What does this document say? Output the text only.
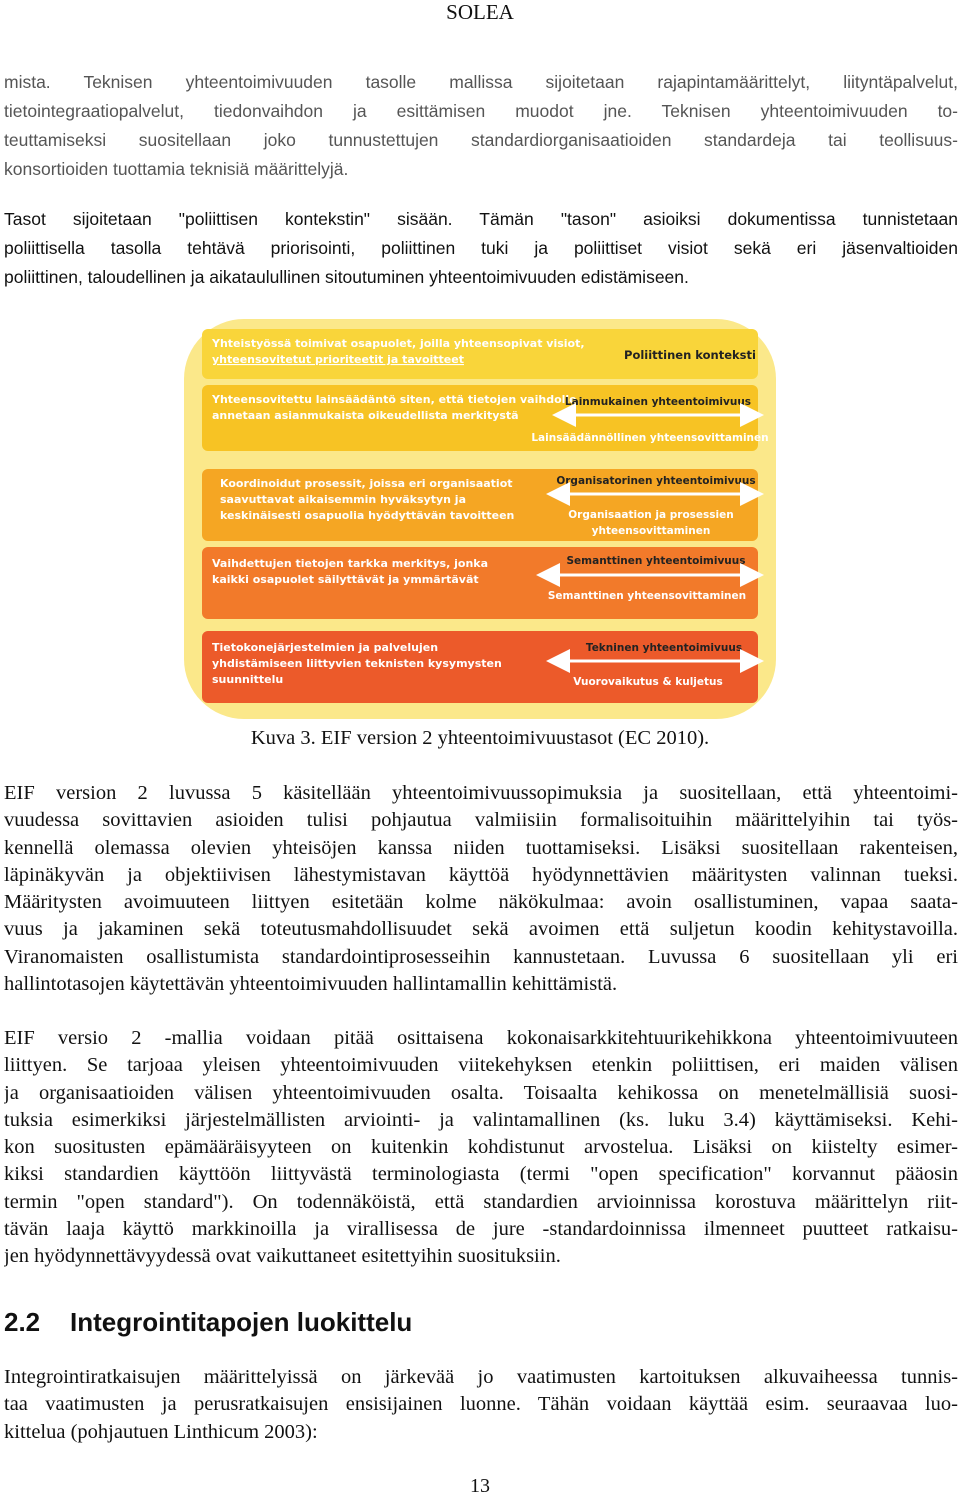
SOLEA
mista. Teknisen yhteentoimivuuden tasolle mallissa sijoitetaan rajapintamäärittelyt, liityntäpalvelut,
tietointegraatiopalvelut, tiedonvaihdon ja esittämisen muodot jne. Teknisen yhteentoimivuuden to-
teuttamiseksi suositellaan joko tunnustettujen standardiorganisaatioiden standardeja tai teollisuus-
konsortioiden tuottamia teknisiä määrittelyjä.
Tasot sijoitetaan "poliittisen kontekstin" sisään. Tämän "tason" asioiksi dokumentissa tunnistetaan
poliittisella tasolla tehtävä priorisointi, poliittinen tuki ja poliittiset visiot sekä eri jäsenvaltioiden
poliittinen, taloudellinen ja aikataulullinen sitoutuminen yhteentoimivuuden edistämiseen.
Yhteistyössä toimivat osapuolet, joilla yhteensopivat visiot,
yhteensovitetut prioriteetit ja tavoitteet	Poliittinen konteksti
Yhteensovitettu lainsäädäntö siten, että tietojen vaihdolle
annetaan asianmukaista oikeudellista merkitystä
Lainmukainen yhteentoimivuus
Lainsäädännöllinen yhteensovittaminen
Koordinoidut prosessit, joissa eri organisaatiot
saavuttavat aikaisemmin hyväksytyn ja
keskinäisesti osapuolia hyödyttävän tavoitteen
Organisatorinen yhteentoimivuus
Organisaation ja prosessien
yhteensovittaminen
Vaihdettujen tietojen tarkka merkitys, jonka
kaikki osapuolet säilyttävät ja ymmärtävät
Semanttinen yhteentoimivuus
Semanttinen yhteensovittaminen
Tietokonejärjestelmien ja palvelujen
yhdistämiseen liittyvien teknisten kysymysten
suunnittelu
Tekninen yhteentoimivuus
Vuorovaikutus & kuljetus
Kuva 3. EIF version 2 yhteentoimivuustasot (EC 2010).
EIF version 2 luvussa 5 käsitellään yhteentoimivuussopimuksia ja suositellaan, että yhteentoimi-
vuudessa sovittavien asioiden tulisi pohjautua valmiisiin formalisoituihin määrittelyihin tai työs-
kennellä olemassa olevien yhteisöjen kanssa niiden tuottamiseksi. Lisäksi suositellaan rakenteisen,
läpinäkyvän ja objektiivisen lähestymistavan käyttöä hyödynnettävien määritysten valinnan tueksi.
Määritysten avoimuuteen liittyen esitetään kolme näkökulmaa: avoin osallistuminen, vapaa saata-
vuus ja jakaminen sekä toteutusmahdollisuudet sekä avoimen että suljetun koodin kehitystavoilla.
Viranomaisten osallistumista standardointiprosesseihin kannustetaan. Luvussa 6 suositellaan yli eri
hallintotasojen käytettävän yhteentoimivuuden hallintamallin kehittämistä.
EIF versio 2 -mallia voidaan pitää osittaisena kokonaisarkkitehtuurikehikkona yhteentoimivuuteen
liittyen. Se tarjoaa yleisen yhteentoimivuuden viitekehyksen etenkin poliittisen, eri maiden välisen
ja organisaatioiden välisen yhteentoimivuuden osalta. Toisaalta kehikossa on menetelmällisiä suosi-
tuksia esimerkiksi järjestelmällisten arviointi- ja valintamallinen (ks. luku 3.4) käyttämiseksi. Kehi-
kon suositusten epämääräisyyteen on kuitenkin kohdistunut arvostelua. Lisäksi on kiistelty esimer-
kiksi standardien käyttöön liittyvästä terminologiasta (termi "open specification" korvannut pääosin
termin "open standard"). On todennäköistä, että standardien arvioinnissa korostuva määrittelyn riit-
tävän laaja käyttö markkinoilla ja virallisessa de jure -standardoinnissa ilmenneet puutteet ratkaisu-
jen hyödynnettävyydessä ovat vaikuttaneet esitettyihin suosituksiin.
2.2 Integrointitapojen luokittelu
Integrointiratkaisujen määrittelyissä on järkevää jo vaatimusten kartoituksen alkuvaiheessa tunnis-
taa vaatimusten ja perusratkaisujen ensisijainen luonne. Tähän voidaan käyttää esim. seuraavaa luo-
kittelua (pohjautuen Linthicum 2003):
13
